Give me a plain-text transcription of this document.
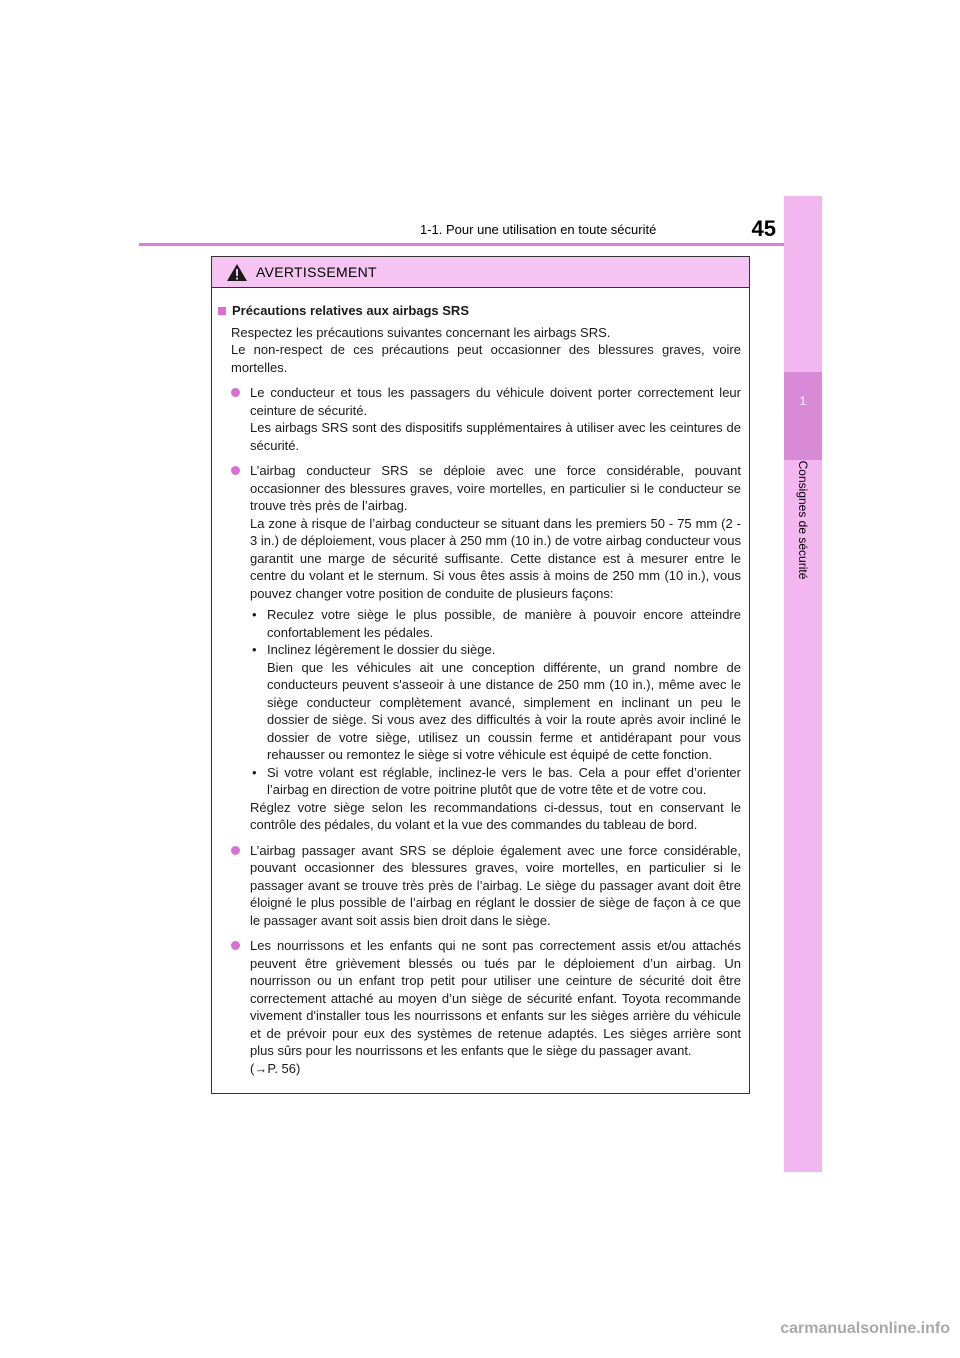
45
1-1. Pour une utilisation en toute sécurité
1
Consignes de sécurité
AVERTISSEMENT
Précautions relatives aux airbags SRS

Respectez les précautions suivantes concernant les airbags SRS.

Le non-respect de ces précautions peut occasionner des blessures graves, voire mortelles.

Le conducteur et tous les passagers du véhicule doivent porter correctement leur ceinture de sécurité.

Les airbags SRS sont des dispositifs supplémentaires à utiliser avec les ceintures de sécurité.

L’airbag conducteur SRS se déploie avec une force considérable, pouvant occasionner des blessures graves, voire mortelles, en particulier si le conducteur se trouve très près de l’airbag.

La zone à risque de l’airbag conducteur se situant dans les premiers 50 - 75 mm (2 - 3 in.) de déploiement, vous placer à 250 mm (10 in.) de votre airbag conducteur vous garantit une marge de sécurité suffisante. Cette distance est à mesurer entre le centre du volant et le sternum. Si vous êtes assis à moins de 250 mm (10 in.), vous pouvez changer votre position de conduite de plusieurs façons:

• Reculez votre siège le plus possible, de manière à pouvoir encore atteindre confortablement les pédales.

• Inclinez légèrement le dossier du siège.

Bien que les véhicules ait une conception différente, un grand nombre de conducteurs peuvent s'asseoir à une distance de 250 mm (10 in.), même avec le siège conducteur complètement avancé, simplement en inclinant un peu le dossier de siège. Si vous avez des difficultés à voir la route après avoir incliné le dossier de votre siège, utilisez un coussin ferme et antidérapant pour vous rehausser ou remontez le siège si votre véhicule est équipé de cette fonction.

• Si votre volant est réglable, inclinez-le vers le bas. Cela a pour effet d’orienter l’airbag en direction de votre poitrine plutôt que de votre tête et de votre cou.

Réglez votre siège selon les recommandations ci-dessus, tout en conservant le contrôle des pédales, du volant et la vue des commandes du tableau de bord.

L’airbag passager avant SRS se déploie également avec une force considérable, pouvant occasionner des blessures graves, voire mortelles, en particulier si le passager avant se trouve très près de l’airbag. Le siège du passager avant doit être éloigné le plus possible de l’airbag en réglant le dossier de siège de façon à ce que le passager avant soit assis bien droit dans le siège.

Les nourrissons et les enfants qui ne sont pas correctement assis et/ou attachés peuvent être grièvement blessés ou tués par le déploiement d’un airbag. Un nourrisson ou un enfant trop petit pour utiliser une ceinture de sécurité doit être correctement attaché au moyen d’un siège de sécurité enfant. Toyota recommande vivement d'installer tous les nourrissons et enfants sur les sièges arrière du véhicule et de prévoir pour eux des systèmes de retenue adaptés. Les sièges arrière sont plus sûrs pour les nourrissons et les enfants que le siège du passager avant.

(→P. 56)

carmanualsonline.info
